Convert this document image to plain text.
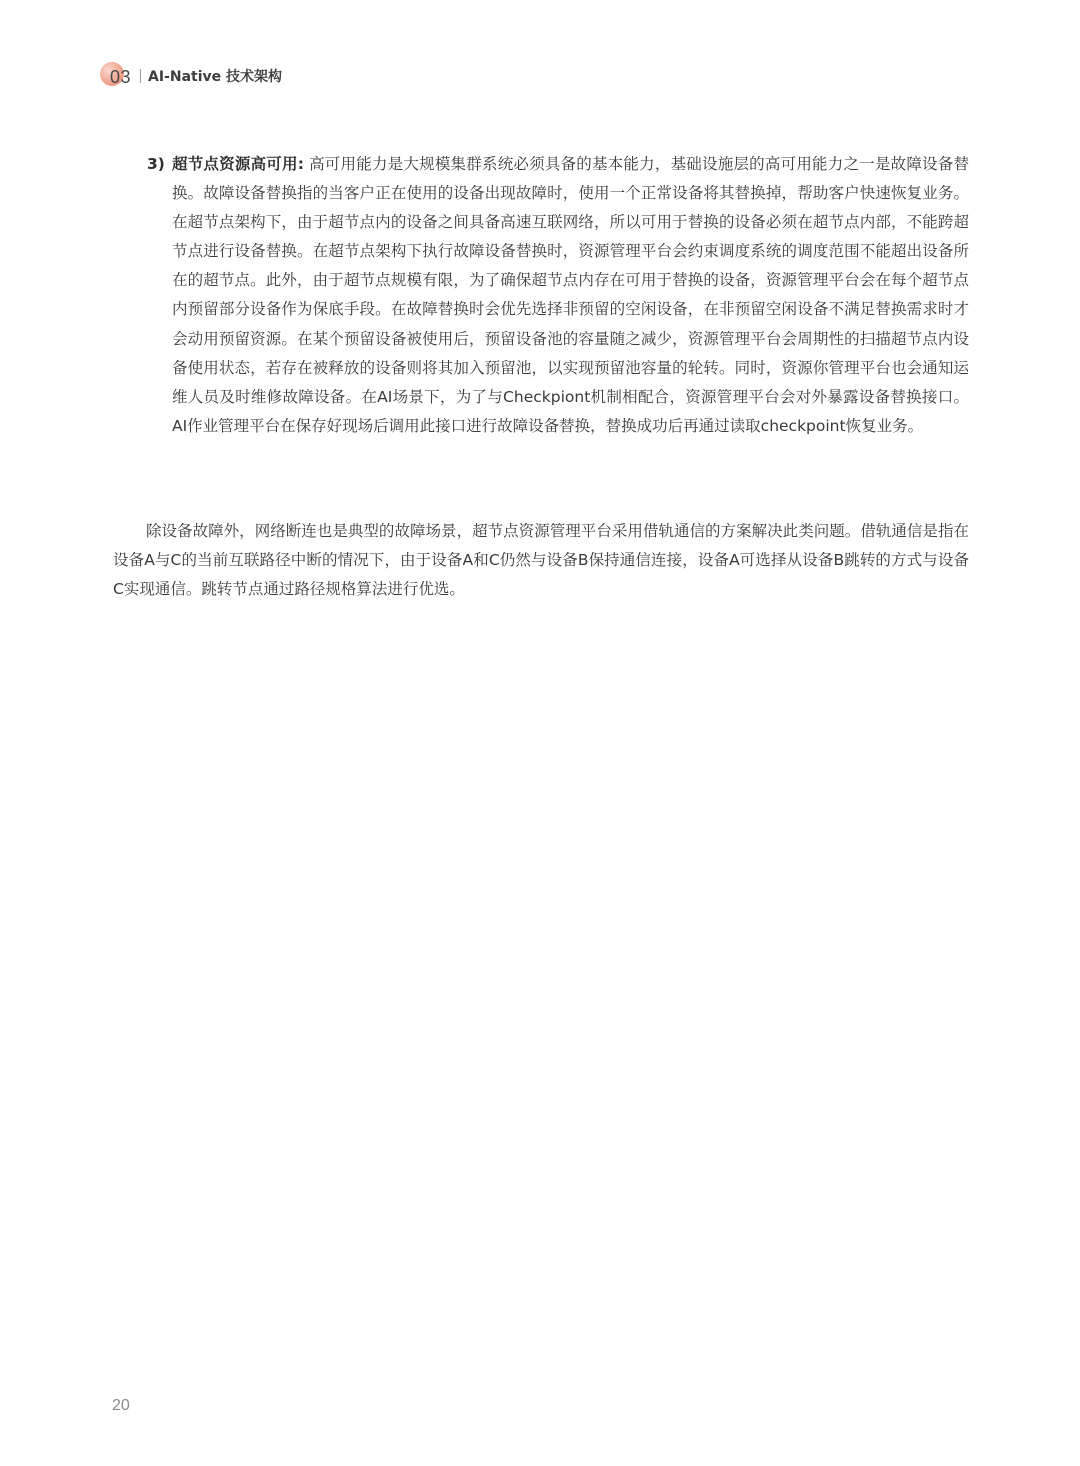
03 AI-Native 技术架构
3) 超节点资源高可用: 高可用能力是大规模集群系统必须具备的基本能力，基础设施层的高可用能力之一是故障设备替换。故障设备替换指的当客户正在使用的设备出现故障时，使用一个正常设备将其替换掉，帮助客户快速恢复业务。在超节点架构下，由于超节点内的设备之间具备高速互联网络，所以可用于替换的设备必须在超节点内部，不能跨超节点进行设备替换。在超节点架构下执行故障设备替换时，资源管理平台会约束调度系统的调度范围不能超出设备所在的超节点。此外，由于超节点规模有限，为了确保超节点内存在可用于替换的设备，资源管理平台会在每个超节点内预留部分设备作为保底手段。在故障替换时会优先选择非预留的空闲设备，在非预留空闲设备不满足替换需求时才会动用预留资源。在某个预留设备被使用后，预留设备池的容量随之减少，资源管理平台会周期性的扫描超节点内设备使用状态，若存在被释放的设备则将其加入预留池，以实现预留池容量的轮转。同时，资源你管理平台也会通知运维人员及时维修故障设备。在AI场景下，为了与Checkpiont机制相配合，资源管理平台会对外暴露设备替换接口。AI作业管理平台在保存好现场后调用此接口进行故障设备替换，替换成功后再通过读取checkpoint恢复业务。
除设备故障外，网络断连也是典型的故障场景，超节点资源管理平台采用借轨通信的方案解决此类问题。借轨通信是指在设备A与C的当前互联路径中断的情况下，由于设备A和C仍然与设备B保持通信连接，设备A可选择从设备B跳转的方式与设备C实现通信。跳转节点通过路径规格算法进行优选。
20
